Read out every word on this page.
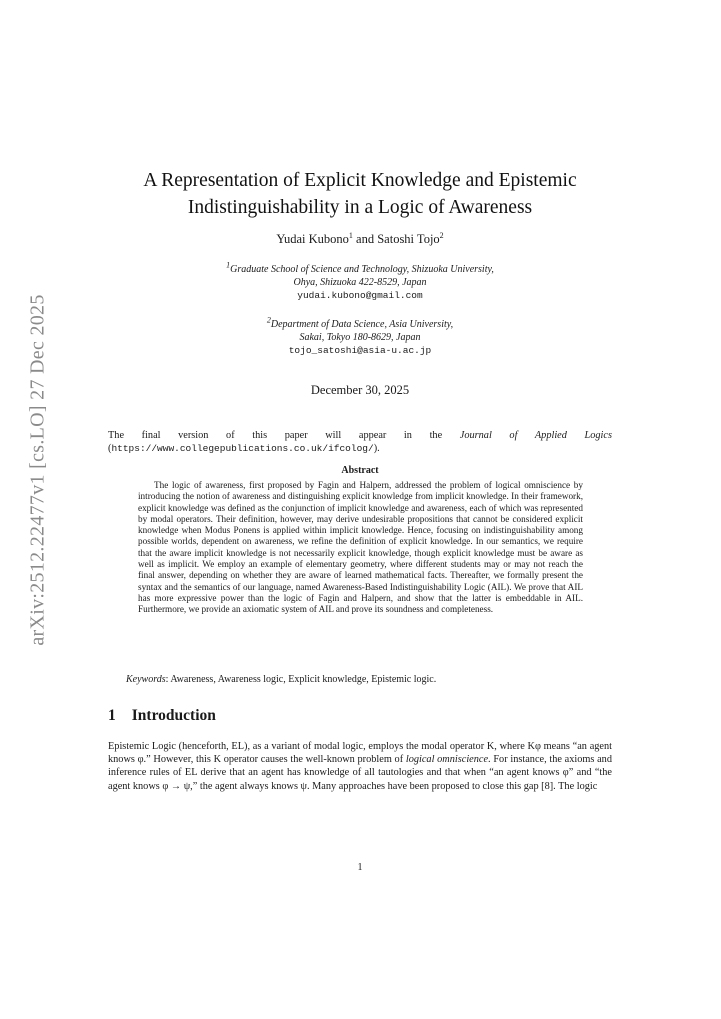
arXiv:2512.22477v1 [cs.LO] 27 Dec 2025
A Representation of Explicit Knowledge and Epistemic
Indistinguishability in a Logic of Awareness
Yudai Kubono$^1$ and Satoshi Tojo$^2$
$^1$Graduate School of Science and Technology, Shizuoka University,
Ohya, Shizuoka 422-8529, Japan
yudai.kubono@gmail.com
$^2$Department of Data Science, Asia University,
Sakai, Tokyo 180-8629, Japan
tojo_satoshi@asia-u.ac.jp
December 30, 2025
The final version of this paper will appear in the Journal of Applied Logics (https://www.collegepublications.co.uk/ifcolog/).
Abstract
The logic of awareness, first proposed by Fagin and Halpern, addressed the problem of logical omniscience by introducing the notion of awareness and distinguishing explicit knowledge from implicit knowledge. In their framework, explicit knowledge was defined as the conjunction of implicit knowledge and awareness, each of which was represented by modal operators. Their definition, however, may derive undesirable propositions that cannot be considered explicit knowledge when Modus Ponens is applied within implicit knowledge. Hence, focusing on indistinguishability among possible worlds, dependent on awareness, we refine the definition of explicit knowledge. In our semantics, we require that the aware implicit knowledge is not necessarily explicit knowledge, though explicit knowledge must be aware as well as implicit. We employ an example of elementary geometry, where different students may or may not reach the final answer, depending on whether they are aware of learned mathematical facts. Thereafter, we formally present the syntax and the semantics of our language, named Awareness-Based Indistinguishability Logic (AIL). We prove that AIL has more expressive power than the logic of Fagin and Halpern, and show that the latter is embeddable in AIL. Furthermore, we provide an axiomatic system of AIL and prove its soundness and completeness.
Keywords: Awareness, Awareness logic, Explicit knowledge, Epistemic logic.
1 Introduction
Epistemic Logic (henceforth, EL), as a variant of modal logic, employs the modal operator K, where Kφ means “an agent knows φ.” However, this K operator causes the well-known problem of logical omniscience. For instance, the axioms and inference rules of EL derive that an agent has knowledge of all tautologies and that when “an agent knows φ” and “the agent knows φ → ψ,” the agent always knows ψ. Many approaches have been proposed to close this gap [8]. The logic
1
